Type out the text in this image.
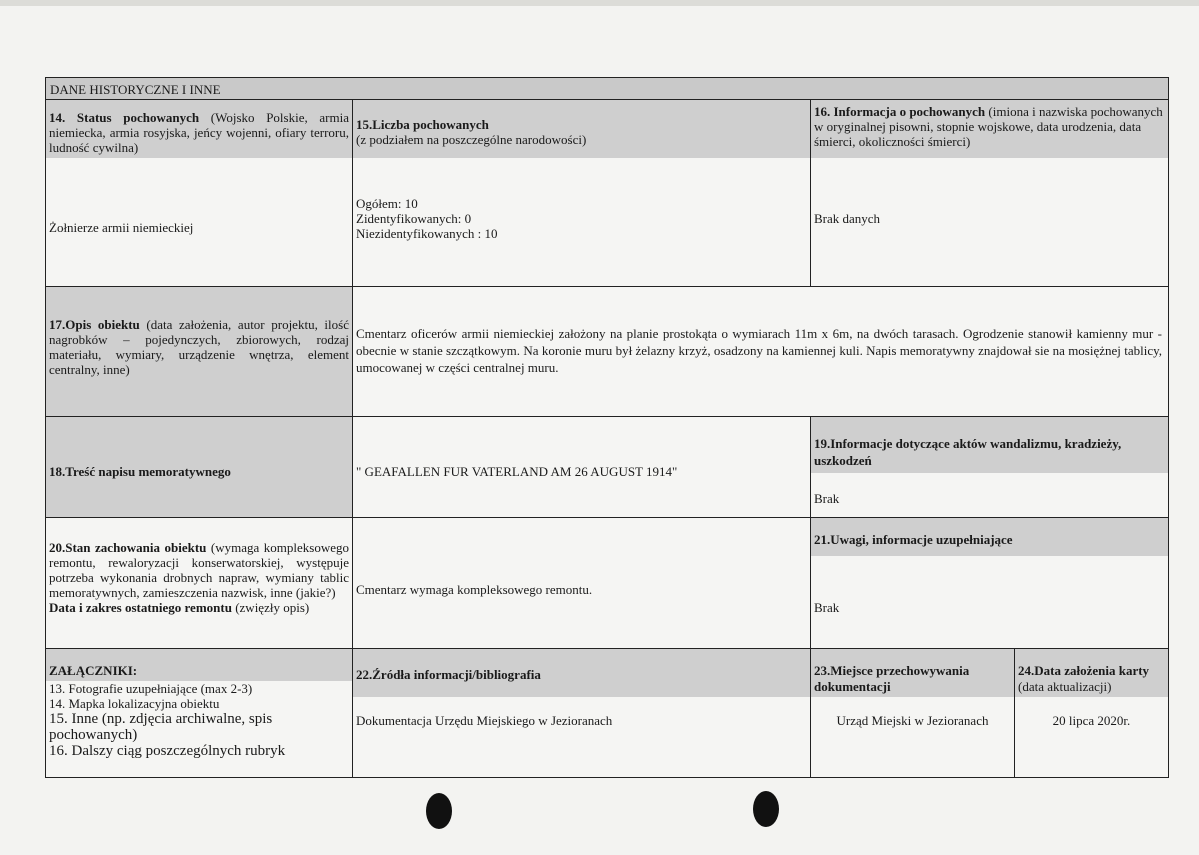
DANE HISTORYCZNE I INNE
14. Status pochowanych (Wojsko Polskie, armia niemiecka, armia rosyjska, jeńcy wojenni, ofiary terroru, ludność cywilna)
Żołnierze armii niemieckiej
15.Liczba pochowanych
(z podziałem na poszczególne narodowości)
Ogółem: 10
Zidentyfikowanych: 0
Niezidentyfikowanych : 10
16. Informacja o pochowanych (imiona i nazwiska pochowanych w oryginalnej pisowni, stopnie wojskowe, data urodzenia, data śmierci, okoliczności śmierci)
Brak danych
17.Opis obiektu (data założenia, autor projektu, ilość nagrobków – pojedynczych, zbiorowych, rodzaj materiału, wymiary, urządzenie wnętrza, element centralny, inne)
Cmentarz oficerów armii niemieckiej założony na planie prostokąta o wymiarach 11m x 6m, na dwóch tarasach. Ogrodzenie stanowił kamienny mur - obecnie w stanie szczątkowym. Na koronie muru był żelazny krzyż, osadzony na kamiennej kuli. Napis memoratywny znajdował sie na mosiężnej tablicy, umocowanej w części centralnej muru.
18.Treść napisu memoratywnego	" GEAFALLEN FUR VATERLAND AM 26 AUGUST 1914"
19.Informacje dotyczące aktów wandalizmu, kradzieży, uszkodzeń
Brak
20.Stan zachowania obiektu (wymaga kompleksowego remontu, rewaloryzacji konserwatorskiej, występuje potrzeba wykonania drobnych napraw, wymiany tablic memoratywnych, zamieszczenia nazwisk, inne (jakie?)
Data i zakres ostatniego remontu (zwięzły opis)
Cmentarz wymaga kompleksowego remontu.
21.Uwagi, informacje uzupełniające
Brak
ZAŁĄCZNIKI:
13. Fotografie uzupełniające (max 2-3)
14. Mapka lokalizacyjna obiektu
15. Inne (np. zdjęcia archiwalne, spis pochowanych)
16. Dalszy ciąg poszczególnych rubryk
22.Źródła informacji/bibliografia
Dokumentacja Urzędu Miejskiego w Jezioranach
23.Miejsce przechowywania dokumentacji
Urząd Miejski w Jezioranach
24.Data założenia karty (data aktualizacji)
20 lipca 2020r.
